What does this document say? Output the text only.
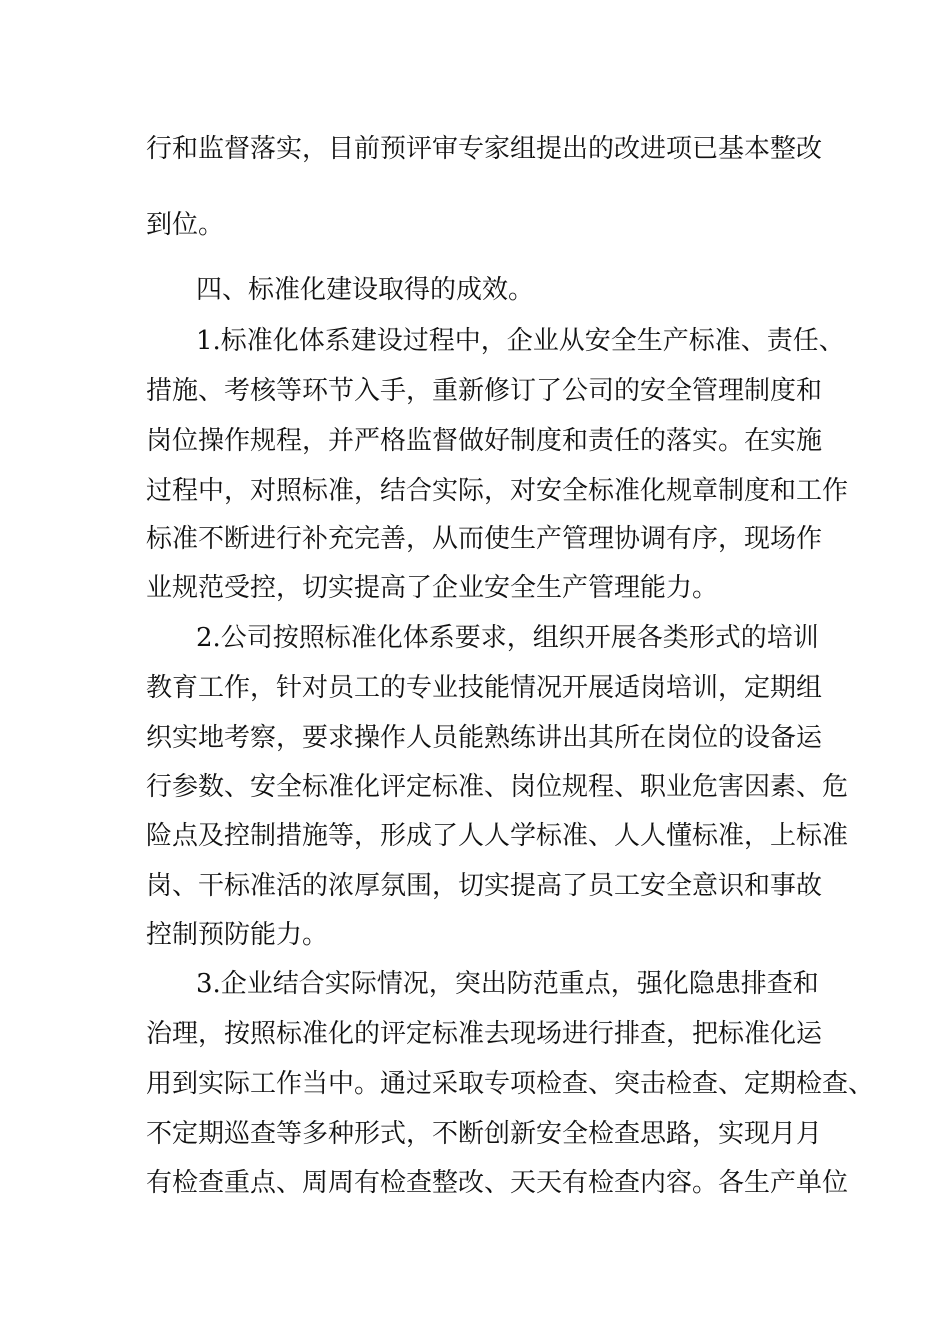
行和监督落实，目前预评审专家组提出的改进项已基本整改
到位。
四、标准化建设取得的成效。
1.标准化体系建设过程中，企业从安全生产标准、责任、
措施、考核等环节入手，重新修订了公司的安全管理制度和
岗位操作规程，并严格监督做好制度和责任的落实。在实施
过程中，对照标准，结合实际，对安全标准化规章制度和工作
标准不断进行补充完善，从而使生产管理协调有序，现场作
业规范受控，切实提高了企业安全生产管理能力。
2.公司按照标准化体系要求，组织开展各类形式的培训
教育工作，针对员工的专业技能情况开展适岗培训，定期组
织实地考察，要求操作人员能熟练讲出其所在岗位的设备运
行参数、安全标准化评定标准、岗位规程、职业危害因素、危
险点及控制措施等，形成了人人学标准、人人懂标准，上标准
岗、干标准活的浓厚氛围，切实提高了员工安全意识和事故
控制预防能力。
3.企业结合实际情况，突出防范重点，强化隐患排查和
治理，按照标准化的评定标准去现场进行排查，把标准化运
用到实际工作当中。通过采取专项检查、突击检查、定期检查、
不定期巡查等多种形式，不断创新安全检查思路，实现月月
有检查重点、周周有检查整改、天天有检查内容。各生产单位
